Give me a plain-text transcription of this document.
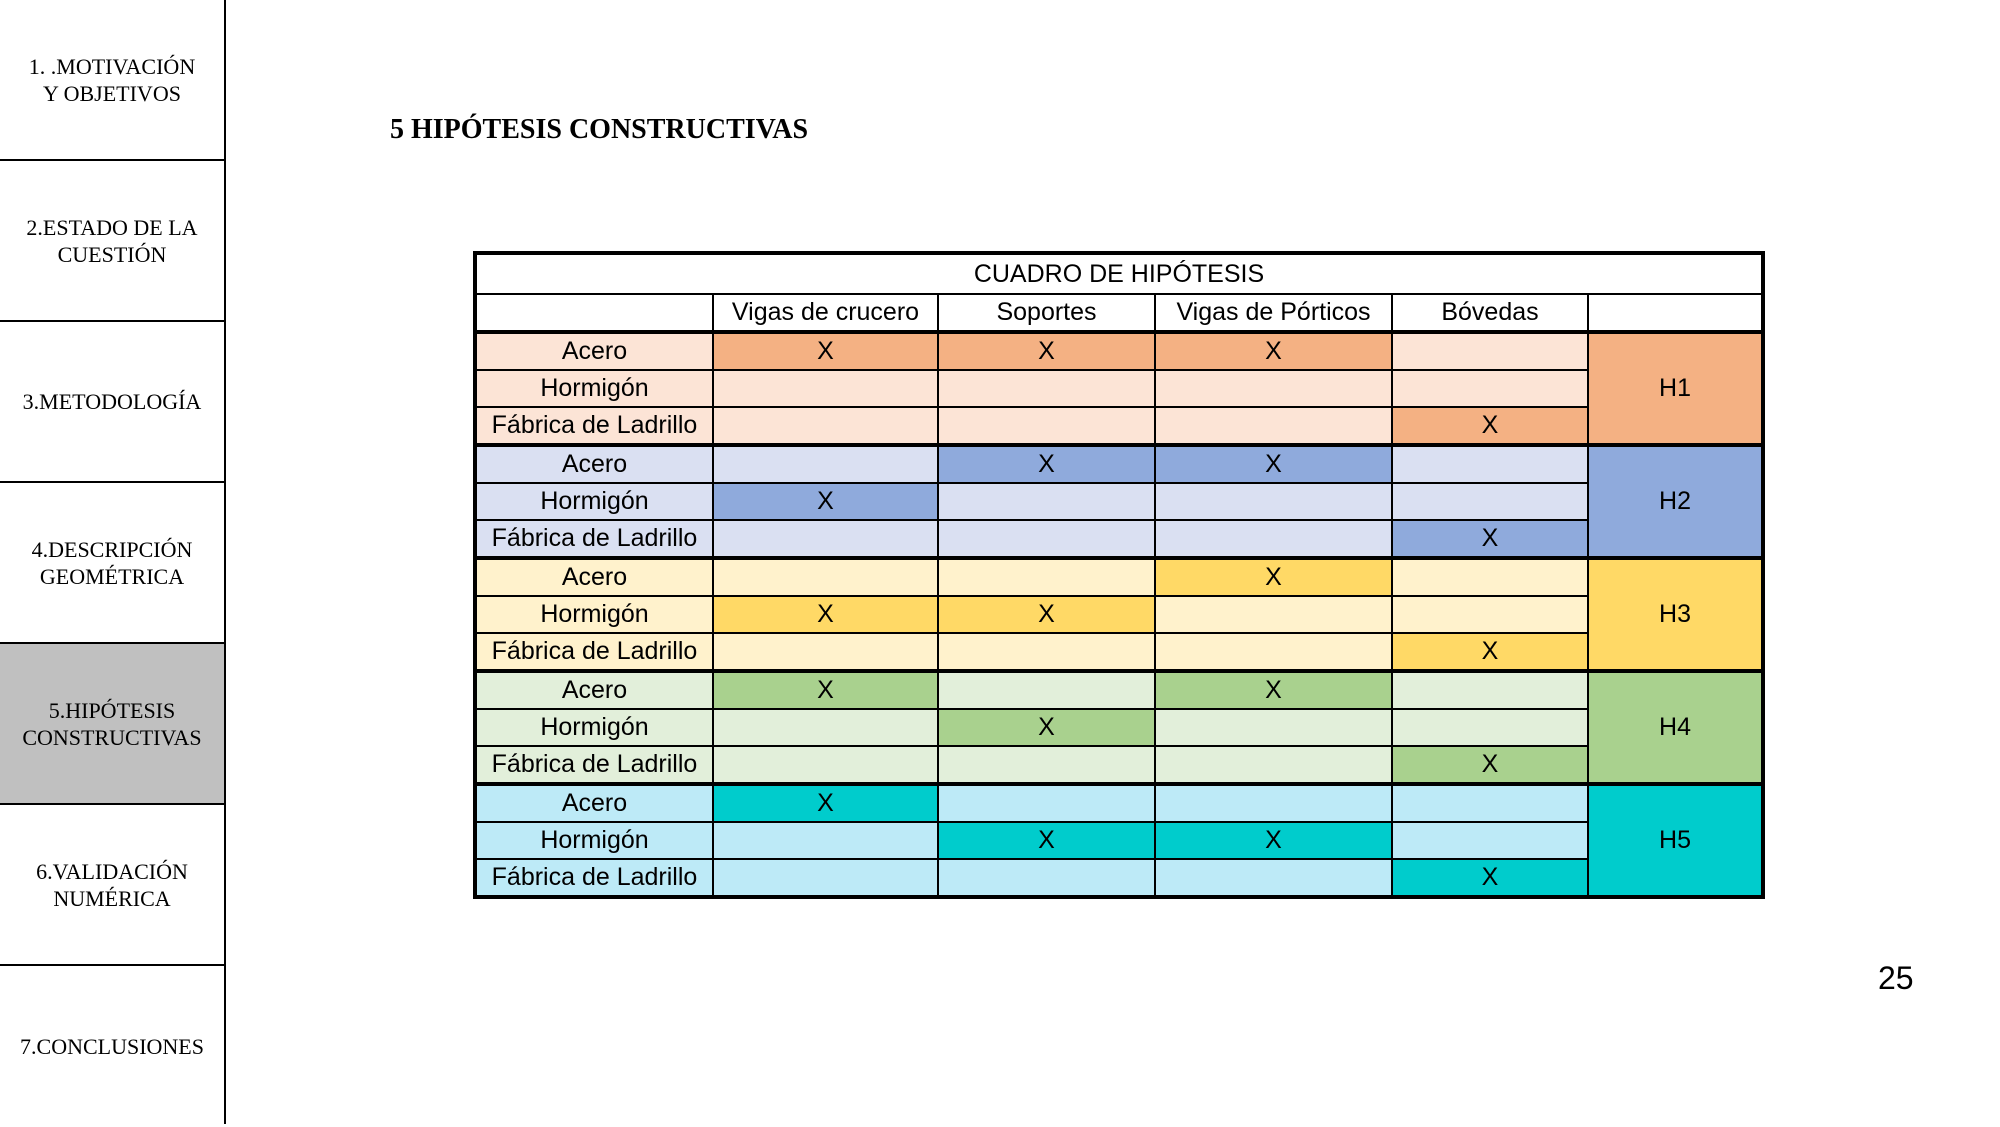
1. .MOTIVACIÓN
Y OBJETIVOS
2.ESTADO DE LA
CUESTIÓN
3.METODOLOGÍA
4.DESCRIPCIÓN
GEOMÉTRICA
5.HIPÓTESIS
CONSTRUCTIVAS
6.VALIDACIÓN
NUMÉRICA
7.CONCLUSIONES
5 HIPÓTESIS CONSTRUCTIVAS
CUADRO DE HIPÓTESIS					
	Vigas de crucero	Soportes	Vigas de Pórticos	Bóvedas	
Acero	X	X	X		H1
Hormigón					
Fábrica de Ladrillo				X	
Acero		X	X		H2
Hormigón	X				
Fábrica de Ladrillo				X	
Acero			X		H3
Hormigón	X	X			
Fábrica de Ladrillo				X	
Acero	X		X		H4
Hormigón		X			
Fábrica de Ladrillo				X	
Acero	X				H5
Hormigón		X	X		
Fábrica de Ladrillo				X	
25
